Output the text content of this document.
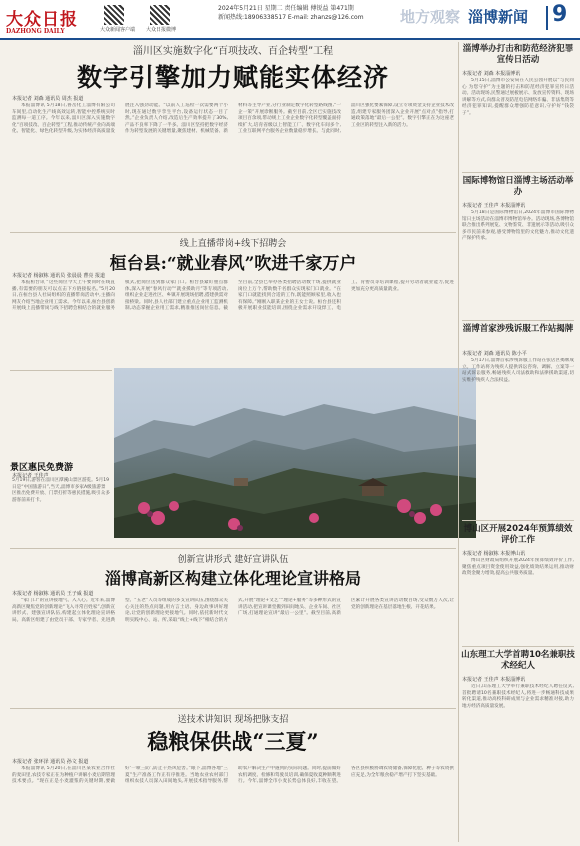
大众日报
DAZHONG DAILY	大众新闻客户端 大众日报微博
2024年5月21日 星期二 责任编辑 傅锐益 第471期
新闻热线:18906338517 E-mail: zhanzs@126.com 地方观察 淄博新闻 9
淄川区实施数字化“百项技改、百企转型”工程
数字引擎加力赋能实体经济
本报记者 刘森 通讯员 周杰 报道

本报淄博讯 5月18日,鲁岳化工淄博有限公司车间里,自动化生产线高效运转,智能中控系统实时监测每一道工序。今年以来,淄川区深入实施数字化“百项技改、百企转型”工程,推动传统产业向高端化、智能化、绿色化转型升级,为实体经济高质量发展注入强劲动能。“以前人工巡检一次需要两个小时,现在通过数字孪生平台,设备运行状态一目了然。”企业负责人介绍,改造后生产效率提升了30%,产品不良率下降了一半多。淄川区坚持把数字经济作为转型发展的关键增量,聚焦建材、机械装备、新材料等主导产业,分行业制定数字化转型路线图,“一企一策”开展诊断服务。截至目前,全区已实施技改项目百余项,带动规上工业企业数字化转型覆盖面持续扩大,培育省级以上智能工厂、数字化车间多个,工业互联网平台服务企业数量稳步增长。与此同时,淄川区强化要素保障,设立专项资金支持企业技术改造,组建专家服务团深入企业开展“点对点”指导,打通政策落地“最后一公里”。数字引擎正在为这座老工业区的转型注入新的活力。

线上直播带岗+线下招聘会
桓台县:“就业春风”吹进千家万户
本报记者 杨淑栋 通讯员 张晨晨 曹亮 报道

本报桓台讯 “这些岗位今天上午要同时在线直播,有需要的朋友可以点击下方链接报名。”5月20日,在桓台县人社局组织的直播带岗活动中,主播向网友介绍当地企业用工需求。今年以来,桓台县创新开展线上直播带岗与线下招聘会相结合的就业服务模式,把岗位送到群众家门口。桓台县紧盯重点群体,深入开展“春风行动”“就业援助月”等专项活动,组织企业走进社区、乡镇开展现场招聘,搭建供需对接桥梁。同时,县人社部门建立重点企业用工监测机制,动态掌握企业用工需求,精准推送岗位信息。截至目前,全县已举办各类招聘活动数十场,提供就业岗位上万个,帮助数千名群众实现家门口就业。“在家门口就能找到合适的工作,既能照顾家里,收入也有保障。”刚刚入职某企业的王女士说。桓台县还积极开展职业技能培训,围绕企业需求开设焊工、电工、育婴员等培训课程,提升劳动者就业能力,促进更加充分更高质量就业。

景区惠民免费游
本报记者 王佳声
5月19日,游客在淄川区潭溪山景区游览。5月19日是“中国旅游日”,当天,淄博市多家A级旅游景区推出免费开放、门票打折等惠民措施,吸引众多游客前来打卡。
创新宣讲形式 建好宣讲队伍
淄博高新区构建立体化理论宣讲格局
本报记者 杨淑栋 通讯员 王子威 报道

“家门口”的宣讲接地气、入人心。近年来,淄博高新区聚焦党的创新理论“飞入寻常百姓家”,创新宣讲形式、建强宣讲队伍,构建起立体化理论宣讲格局。高新区组建了由党员干部、专家学者、先进典型、“五老”人员等组成的多支宣讲队伍,围绕群众关心关注的热点问题,用方言土语、身边故事讲好理论,让党的创新理论更接地气。同时,依托新时代文明实践中心、站、所,采取“线上+线下”相结合的方式,开展“理论+文艺”“理论+服务”等多种形式的宣讲活动,把宣讲课堂搬到田间地头、企业车间、社区广场,打通理论宣讲“最后一公里”。截至目前,高新区累计开展各类宣讲活动数百场,受众数万人次,让党的创新理论在基层落地生根、开花结果。

送技术讲知识 现场把脉支招
稳粮保供战“三夏”
本报记者 张环泽 通讯员 孙文 报道

本报淄博讯 5月20日,在淄川区某农业合作社的麦田里,农技专家正在为种植户讲解小麦后期管理技术要点。“现在正是小麦灌浆的关键时期,要做好‘一喷三防’,防止干热风危害。”眼下,淄博各地“三夏”生产准备工作正有序推进。当地农业农村部门组织农技人员深入田间地头,开展技术指导服务,帮助农户解决生产中遇到的实际问题。同时,提前做好农机调度、检修和驾驶员培训,确保夏收夏种顺利进行。今年,淄博全市小麦长势总体良好,丰收在望。各区县积极协调农资储备,保障化肥、种子等农资供应充足,为全年粮食稳产增产打下坚实基础。

淄博举办打击和防范经济犯罪宣传日活动
本报记者 刘森 本报淄博讯

5月15日,淄博市公安局在人民公园开展以“与民同心 为您守护”为主题的打击和防范经济犯罪宣传日活动。活动现场,民警通过展板展示、发放宣传资料、现场讲解等方式,向群众普及防范电信网络诈骗、非法集资等经济犯罪知识,提醒群众增强防范意识,守护好“钱袋子”。

国际博物馆日淄博主场活动举办
本报记者 王佳声 本报淄博讯

5月18日是国际博物馆日,2024年淄博市国际博物馆日主场活动在淄博市博物馆举办。活动现场,各博物馆联合推出系列展览、文物鉴赏、非遗展示等活动,吸引众多市民前来参观,感受博物馆里的文化魅力,推动文化遗产保护传承。

淄博首家涉残诉服工作站揭牌
本报记者 刘森 通讯员 陈小平

5月17日,淄博首家涉残诉服工作站在张店区揭牌成立。工作站将为残疾人提供诉讼咨询、调解、立案等一站式诉讼服务,畅通残疾人司法救助和法律援助渠道,切实维护残疾人合法权益。

博山区开展2024年预算绩效评价工作
本报记者 杨淑栋 本报博山讯

博山区财政局组织开展2024年预算绩效评价工作,聚焦重点项目资金使用效益,强化绩效结果运用,推动财政资金聚力增效,提高公共服务质量。

山东理工大学首聘10名兼职技术经纪人
本报记者 王佳声 本报淄博讯

近日,山东理工大学举行兼职技术经纪人聘任仪式,首批聘请10名兼职技术经纪人,将进一步畅通科技成果转化渠道,推动高校科研成果与企业需求精准对接,助力地方经济高质量发展。
